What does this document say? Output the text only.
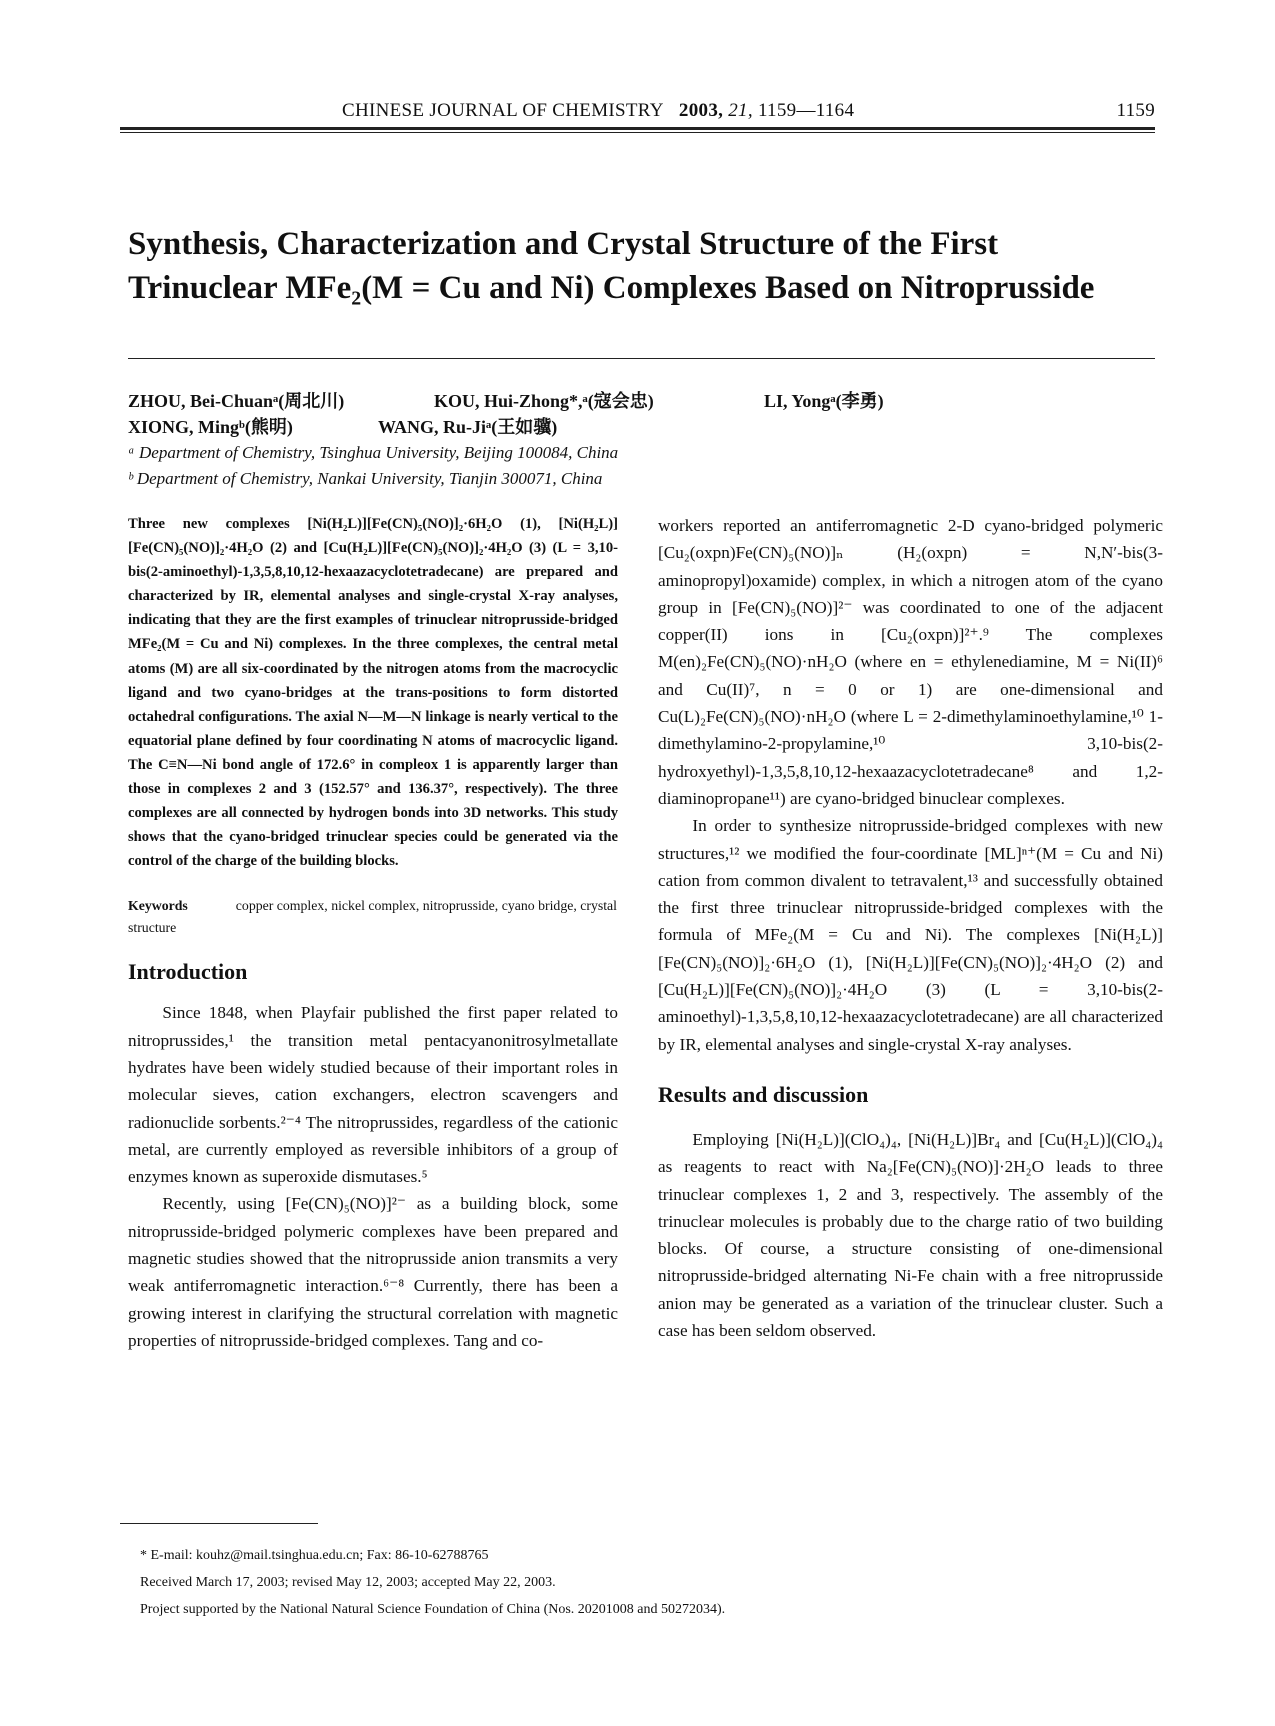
CHINESE JOURNAL OF CHEMISTRY 2003, 21, 1159—1164	1159
Synthesis, Characterization and Crystal Structure of the First Trinuclear MFe₂(M = Cu and Ni) Complexes Based on Nitroprusside
ZHOU, Bei-Chuanᵃ(周北川)	KOU, Hui-Zhong*,ᵃ(寇会忠)	LI, Yongᵃ(李勇)
XIONG, Mingᵇ(熊明)	WANG, Ru-Jiᵃ(王如骥)
ᵃ Department of Chemistry, Tsinghua University, Beijing 100084, China
ᵇ Department of Chemistry, Nankai University, Tianjin 300071, China

Three new complexes [Ni(H₂L)][Fe(CN)₅(NO)]₂·6H₂O (1), [Ni(H₂L)][Fe(CN)₅(NO)]₂·4H₂O (2) and [Cu(H₂L)][Fe(CN)₅(NO)]₂·4H₂O (3) (L = 3,10-bis(2-aminoethyl)-1,3,5,8,10,12-hexaazacyclotetradecane) are prepared and characterized by IR, elemental analyses and single-crystal X-ray analyses, indicating that they are the first examples of trinuclear nitroprusside-bridged MFe₂(M = Cu and Ni) complexes. In the three complexes, the central metal atoms (M) are all six-coordinated by the nitrogen atoms from the macrocyclic ligand and two cyano-bridges at the trans-positions to form distorted octahedral configurations. The axial N—M—N linkage is nearly vertical to the equatorial plane defined by four coordinating N atoms of macrocyclic ligand. The C≡N—Ni bond angle of 172.6° in compleox 1 is apparently larger than those in complexes 2 and 3 (152.57° and 136.37°, respectively). The three complexes are all connected by hydrogen bonds into 3D networks. This study shows that the cyano-bridged trinuclear species could be generated via the control of the charge of the building blocks.

Keywords	copper complex, nickel complex, nitroprusside, cyano bridge, crystal structure

Introduction

Since 1848, when Playfair published the first paper related to nitroprussides,¹ the transition metal pentacyanonitrosylmetallate hydrates have been widely studied because of their important roles in molecular sieves, cation exchangers, electron scavengers and radionuclide sorbents.²⁻⁴ The nitroprussides, regardless of the cationic metal, are currently employed as reversible inhibitors of a group of enzymes known as superoxide dismutases.⁵

Recently, using [Fe(CN)₅(NO)]²⁻ as a building block, some nitroprusside-bridged polymeric complexes have been prepared and magnetic studies showed that the nitroprusside anion transmits a very weak antiferromagnetic interaction.⁶⁻⁸ Currently, there has been a growing interest in clarifying the structural correlation with magnetic properties of nitroprusside-bridged complexes. Tang and co-

workers reported an antiferromagnetic 2-D cyano-bridged polymeric [Cu₂(oxpn)Fe(CN)₅(NO)]ₙ (H₂(oxpn) = N,N′-bis(3-aminopropyl)oxamide) complex, in which a nitrogen atom of the cyano group in [Fe(CN)₅(NO)]²⁻ was coordinated to one of the adjacent copper(II) ions in [Cu₂(oxpn)]²⁺.⁹ The complexes M(en)₂Fe(CN)₅(NO)·nH₂O (where en = ethylenediamine, M = Ni(II)⁶ and Cu(II)⁷, n = 0 or 1) are one-dimensional and Cu(L)₂Fe(CN)₅(NO)·nH₂O (where L = 2-dimethylaminoethylamine,¹⁰ 1-dimethylamino-2-propylamine,¹⁰ 3,10-bis(2-hydroxyethyl)-1,3,5,8,10,12-hexaazacyclotetradecane⁸ and 1,2-diaminopropane¹¹) are cyano-bridged binuclear complexes.

In order to synthesize nitroprusside-bridged complexes with new structures,¹² we modified the four-coordinate [ML]ⁿ⁺(M = Cu and Ni) cation from common divalent to tetravalent,¹³ and successfully obtained the first three trinuclear nitroprusside-bridged complexes with the formula of MFe₂(M = Cu and Ni). The complexes [Ni(H₂L)][Fe(CN)₅(NO)]₂·6H₂O (1), [Ni(H₂L)][Fe(CN)₅(NO)]₂·4H₂O (2) and [Cu(H₂L)][Fe(CN)₅(NO)]₂·4H₂O (3) (L = 3,10-bis(2-aminoethyl)-1,3,5,8,10,12-hexaazacyclotetradecane) are all characterized by IR, elemental analyses and single-crystal X-ray analyses.

Results and discussion

Employing [Ni(H₂L)](ClO₄)₄, [Ni(H₂L)]Br₄ and [Cu(H₂L)](ClO₄)₄ as reagents to react with Na₂[Fe(CN)₅(NO)]·2H₂O leads to three trinuclear complexes 1, 2 and 3, respectively. The assembly of the trinuclear molecules is probably due to the charge ratio of two building blocks. Of course, a structure consisting of one-dimensional nitroprusside-bridged alternating Ni-Fe chain with a free nitroprusside anion may be generated as a variation of the trinuclear cluster. Such a case has been seldom observed.

* E-mail: kouhz@mail.tsinghua.edu.cn; Fax: 86-10-62788765
Received March 17, 2003; revised May 12, 2003; accepted May 22, 2003.
Project supported by the National Natural Science Foundation of China (Nos. 20201008 and 50272034).
